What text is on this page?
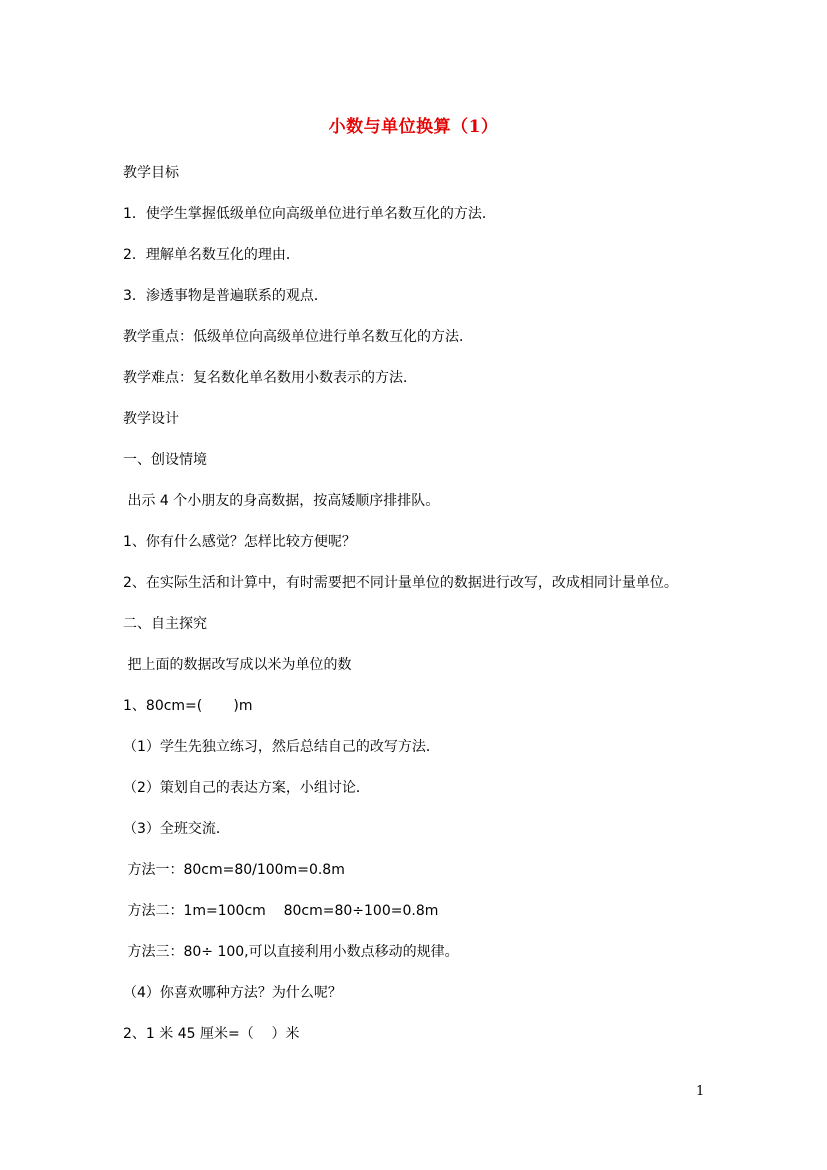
小数与单位换算（1）
教学目标
1．使学生掌握低级单位向高级单位进行单名数互化的方法．
2．理解单名数互化的理由．
3．渗透事物是普遍联系的观点．
教学重点：低级单位向高级单位进行单名数互化的方法．
教学难点：复名数化单名数用小数表示的方法．
教学设计
一、创设情境
出示 4 个小朋友的身高数据，按高矮顺序排排队。
1、你有什么感觉？怎样比较方便呢？
2、在实际生活和计算中，有时需要把不同计量单位的数据进行改写，改成相同计量单位。
二、自主探究
把上面的数据改写成以米为单位的数
1、80cm=(       )m
（1）学生先独立练习，然后总结自己的改写方法．
（2）策划自己的表达方案，小组讨论．
（3）全班交流．
方法一：80cm=80/100m=0.8m
方法二：1m=100cm    80cm=80÷100=0.8m
方法三：80÷ 100,可以直接利用小数点移动的规律。
（4）你喜欢哪种方法？为什么呢？
2、1 米 45 厘米=（    ）米
1
